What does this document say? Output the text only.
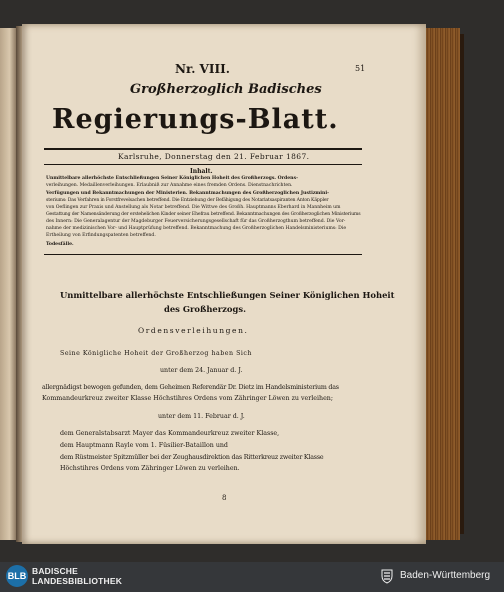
Nr. VIII.	51
Großherzoglich Badisches
Regierungs-Blatt.
Karlsruhe, Donnerstag den 21. Februar 1867.
Inhalt.
Unmittelbare allerhöchste Entschließungen Seiner Königlichen Hoheit des Großherzogs. Ordens-
verleihungen. Medaillenverleihungen. Erlaubniß zur Annahme eines fremden Ordens. Dienstnachrichten.
Verfügungen und Bekanntmachungen der Ministerien. Bekanntmachungen des Großherzoglichen Justizmini-
steriums: Das Verfahren in Forstfrevelsachen betreffend. Die Entziehung der Befähigung des Notariatsaspiranten Anton Käppler
von Oeflingen zur Praxis und Anstellung als Notar betreffend. Die Wittwe des Großh. Hauptmanns Eberhard in Mannheim um
Gestattung der Namensänderung der erstehelichen Kinder seiner Ehefrau betreffend. Bekanntmachungen des Großherzoglichen Ministeriums
des Innern: Die Generalagentur der Magdeburger Feuerversicherungsgesellschaft für das Großherzogthum betreffend. Die Vor-
nahme der medizinischen Vor- und Hauptprüfung betreffend. Bekanntmachung des Großherzoglichen Handelsministeriums: Die
Ertheilung von Erfindungspatenten betreffend.
Todesfälle.
Unmittelbare allerhöchste Entschließungen Seiner Königlichen Hoheit
des Großherzogs.
Ordensverleihungen.
Seine Königliche Hoheit der Großherzog haben Sich
unter dem 24. Januar d. J.
allergnädigst bewogen gefunden, dem Geheimen Referendär Dr. Dietz im Handelsministerium das
Kommandeurkreuz zweiter Klasse Höchstihres Ordens vom Zähringer Löwen zu verleihen;
unter dem 11. Februar d. J.
dem Generalstabsarzt Mayer das Kommandeurkreuz zweiter Klasse,
dem Hauptmann Rayle vom 1. Füsilier-Bataillon und
dem Rüstmeister Spitzmüller bei der Zeughausdirektion das Ritterkreuz zweiter Klasse
Höchstihres Ordens vom Zähringer Löwen zu verleihen.
8
BLB BADISCHE
LANDESBIBLIOTHEK	Baden-Württemberg
